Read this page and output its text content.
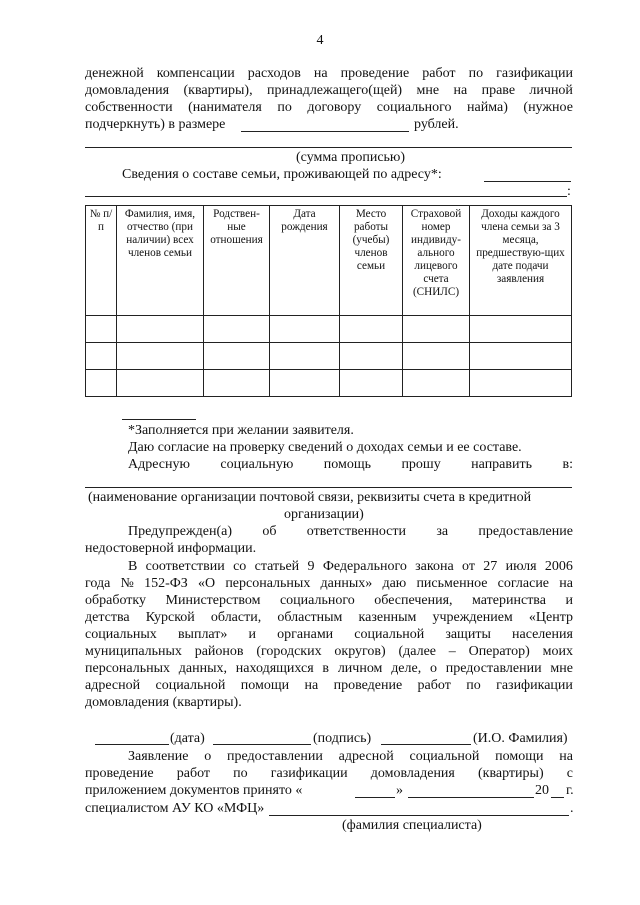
4
денежной компенсации расходов на проведение работ по газификации
домовладения (квартиры), принадлежащего(щей) мне на праве личной
собственности (нанимателя по договору социального найма) (нужное
подчеркнуть) в размере	рублей.
(сумма прописью)
Сведения о составе семьи, проживающей по адресу*:
:
№ п/п	Фамилия, имя, отчество (при наличии) всех членов семьи	Родствен-ные отношения	Дата рождения	Место работы (учебы) членов семьи	Страховой номер индивиду-ального лицевого счета (СНИЛС)	Доходы каждого члена семьи за 3 месяца, предшествую-щих дате подачи заявления

*Заполняется при желании заявителя.
Даю согласие на проверку сведений о доходах семьи и ее составе.
Адресную социальную помощь прошу направить в:
(наименование организации почтовой связи, реквизиты счета в кредитной
организации)
Предупрежден(а) об ответственности за предоставление
недостоверной информации.
В соответствии со статьей 9 Федерального закона от 27 июля 2006
года № 152-ФЗ «О персональных данных» даю письменное согласие на
обработку Министерством социального обеспечения, материнства и
детства Курской области, областным казенным учреждением «Центр
социальных выплат» и органами социальной защиты населения
муниципальных районов (городских округов) (далее – Оператор) моих
персональных данных, находящихся в личном деле, о предоставлении мне
адресной социальной помощи на проведение работ по газификации
домовладения (квартиры).
(дата)	(подпись)	(И.О. Фамилия)
Заявление о предоставлении адресной социальной помощи на
проведение работ по газификации домовладения (квартиры) с
приложением документов принято «	»	20 г.
специалистом АУ КО «МФЦ»	.
(фамилия специалиста)
